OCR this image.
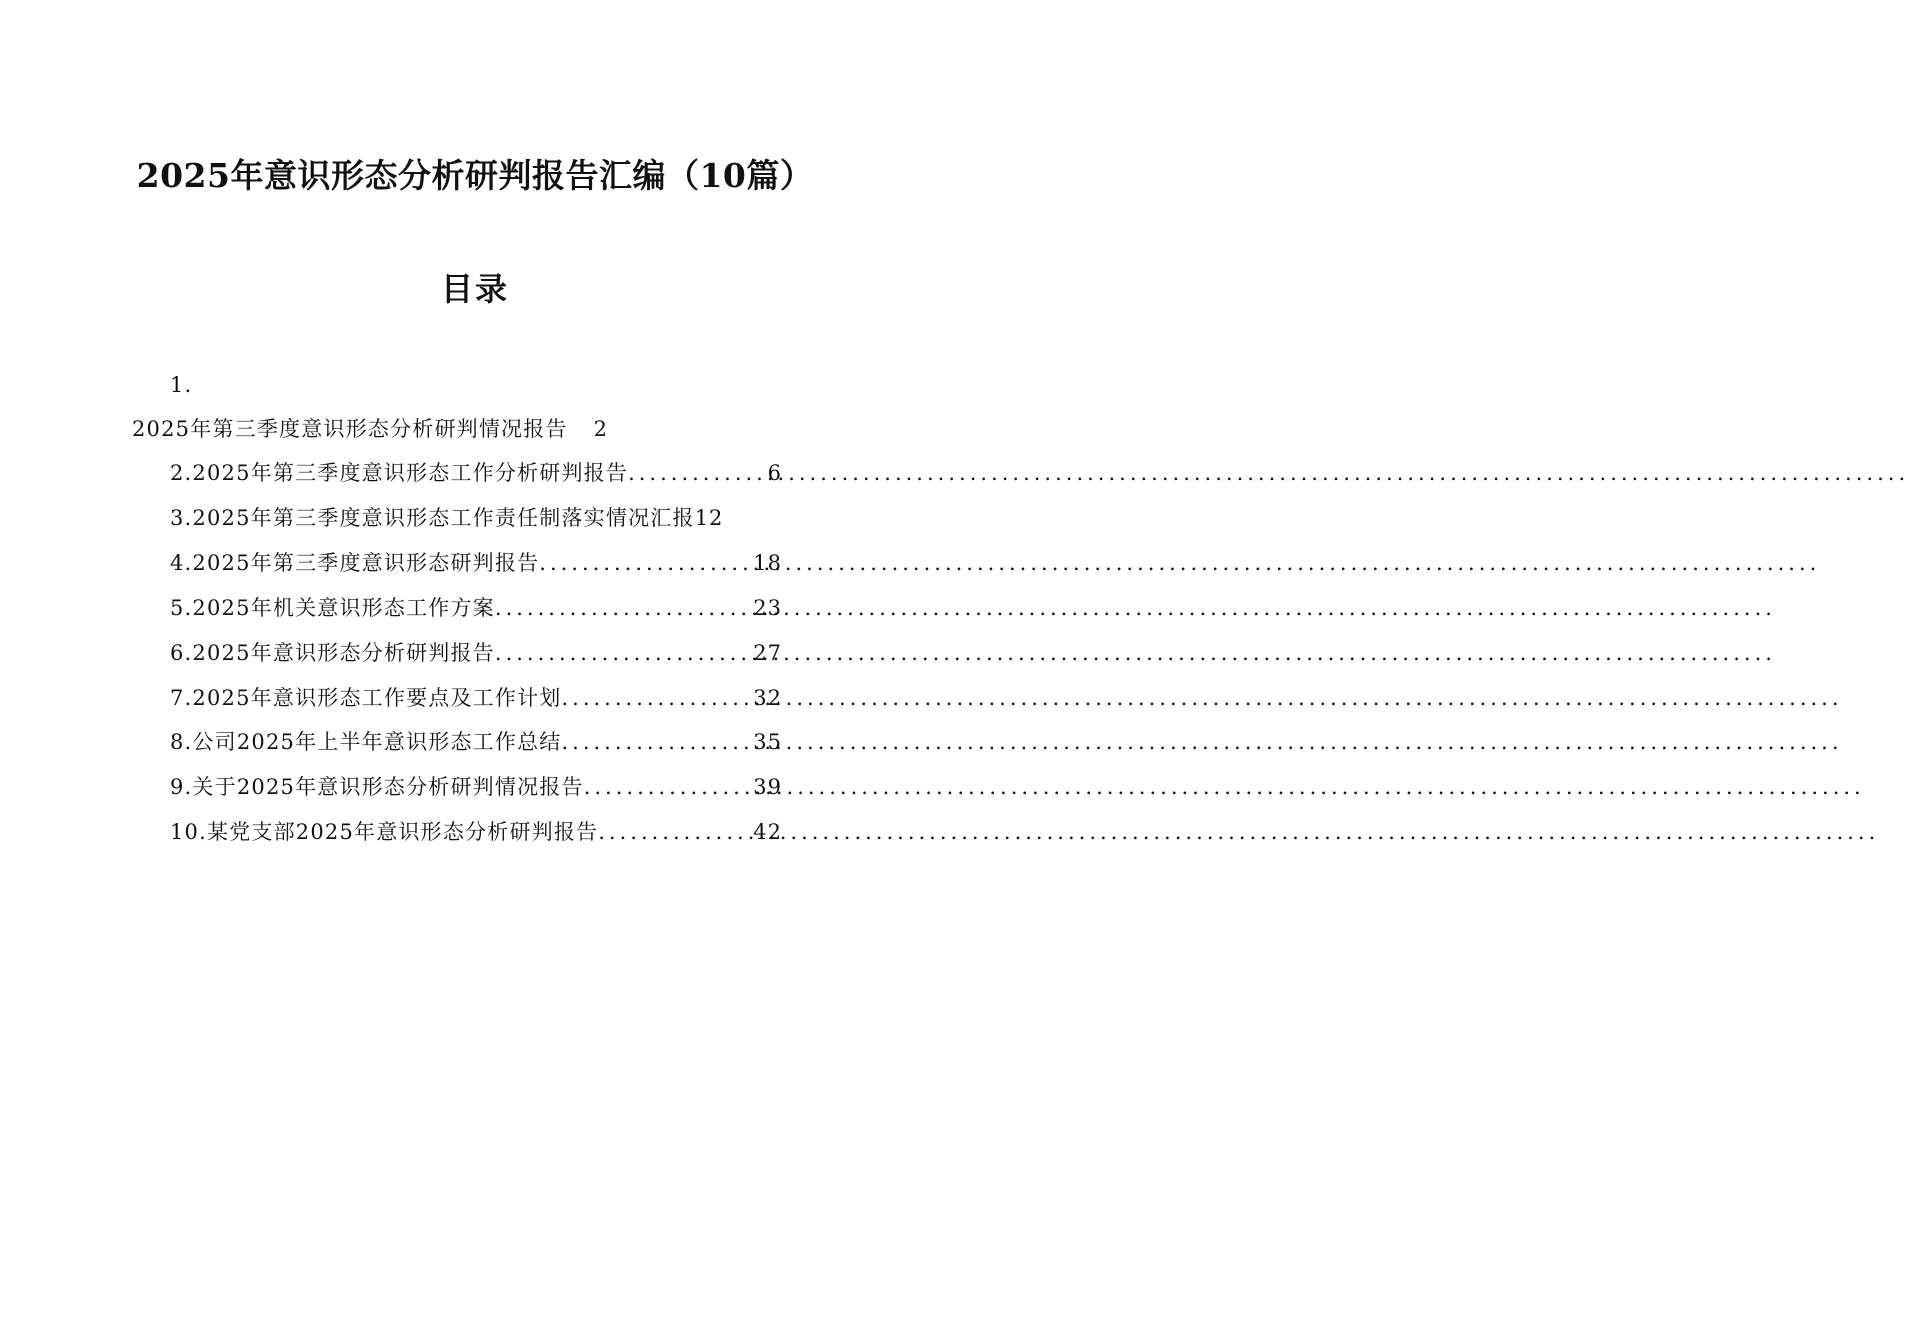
2025年意识形态分析研判报告汇编（10篇）
目录
1.
2025年第三季度意识形态分析研判情况报告 2
2.2025年第三季度意识形态工作分析研判报告 .....	6
3.2025年第三季度意识形态工作责任制落实情况汇报 12
4.2025年第三季度意识形态研判报告 .....	18
5.2025年机关意识形态工作方案 .....	23
6.2025年意识形态分析研判报告 .....	27
7.2025年意识形态工作要点及工作计划 .....	32
8.公司2025年上半年意识形态工作总结 .....	35
9.关于2025年意识形态分析研判情况报告 .....	39
10.某党支部2025年意识形态分析研判报告 .....	42
